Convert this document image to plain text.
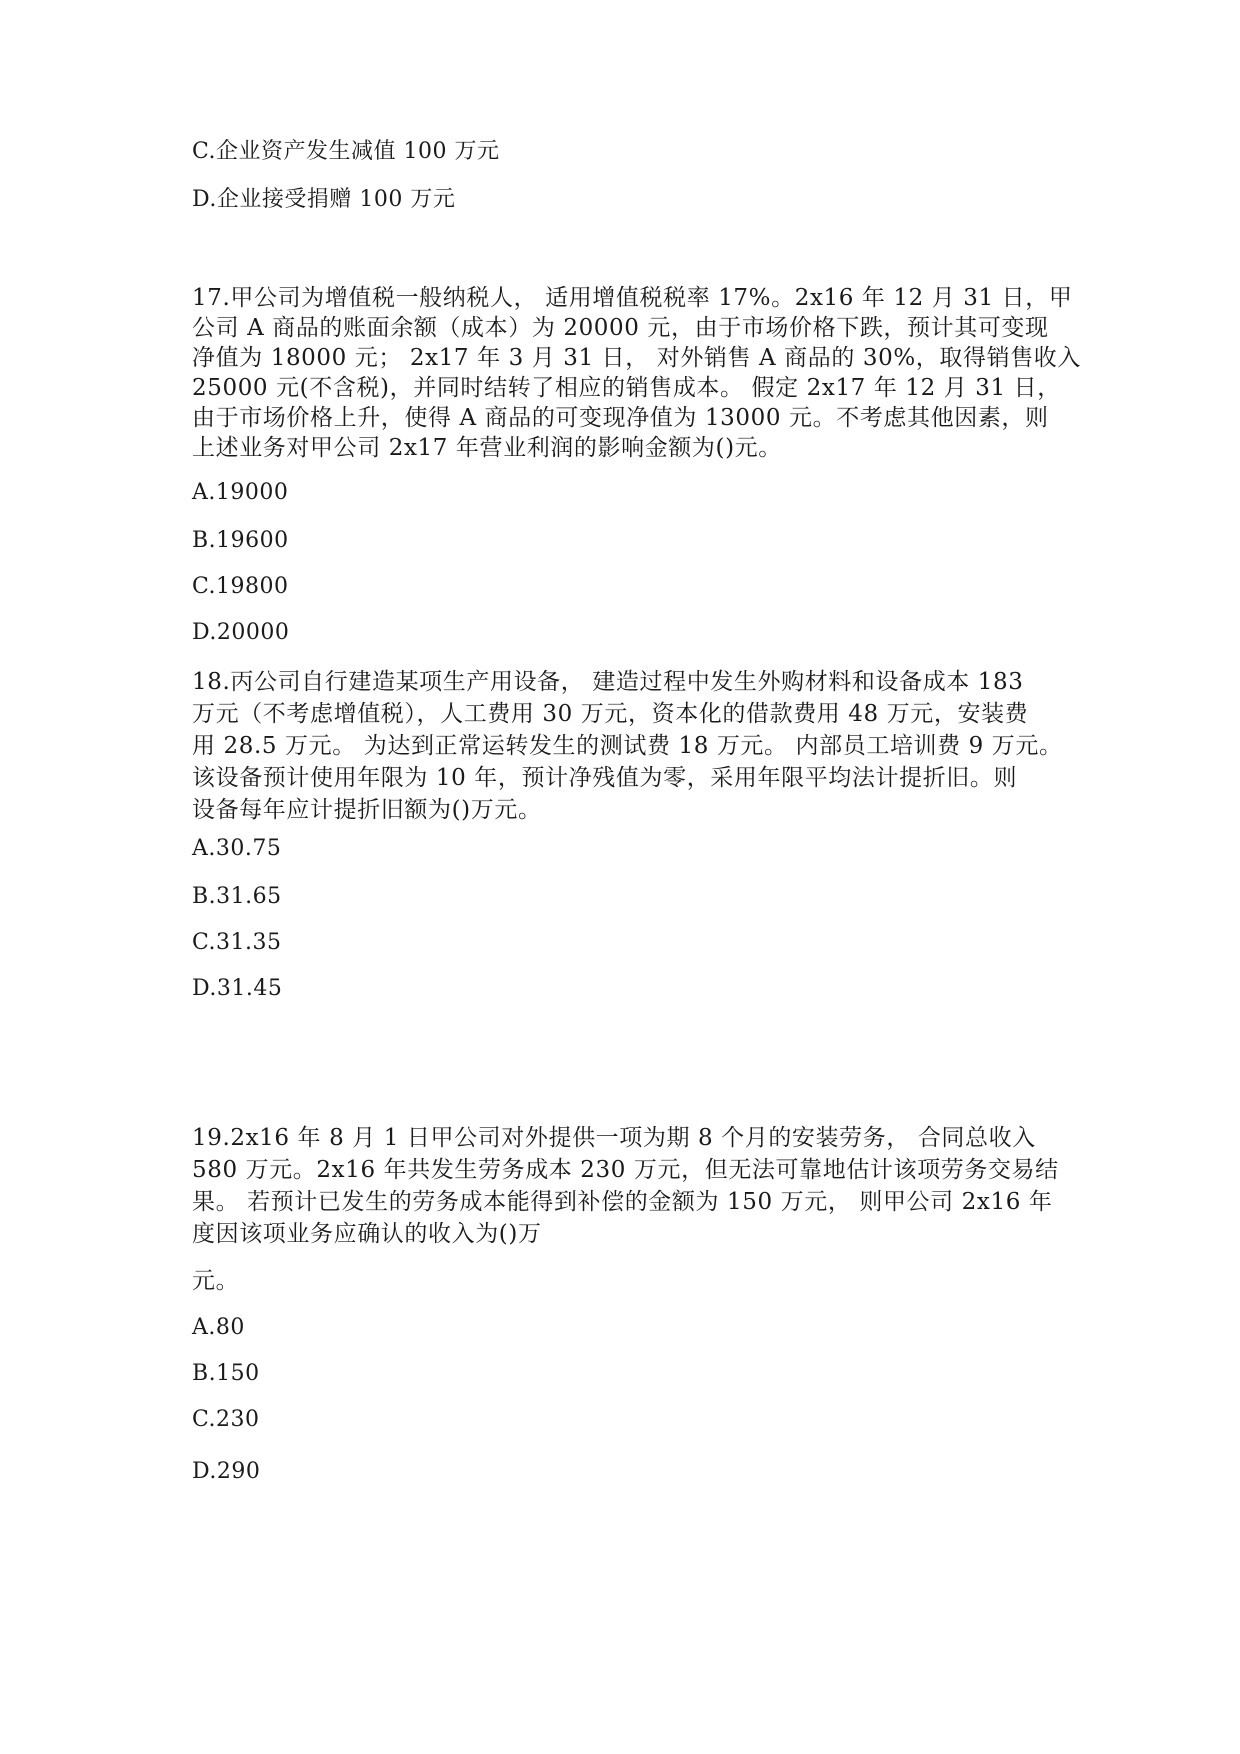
C.企业资产发生减值 100 万元
D.企业接受捐赠 100 万元
17.甲公司为增值税一般纳税人， 适用增值税税率 17%。2x16 年 12 月 31 日，甲
公司 A 商品的账面余额（成本）为 20000 元，由于市场价格下跌，预计其可变现
净值为 18000 元； 2x17 年 3 月 31 日， 对外销售 A 商品的 30%，取得销售收入
25000 元(不含税)，并同时结转了相应的销售成本。 假定 2x17 年 12 月 31 日，
由于市场价格上升，使得 A 商品的可变现净值为 13000 元。不考虑其他因素，则
上述业务对甲公司 2x17 年营业利润的影响金额为()元。
A.19000
B.19600
C.19800
D.20000
18.丙公司自行建造某项生产用设备， 建造过程中发生外购材料和设备成本 183
万元（不考虑增值税），人工费用 30 万元，资本化的借款费用 48 万元，安装费
用 28.5 万元。 为达到正常运转发生的测试费 18 万元。 内部员工培训费 9 万元。
该设备预计使用年限为 10 年，预计净残值为零，采用年限平均法计提折旧。则
设备每年应计提折旧额为()万元。
A.30.75
B.31.65
C.31.35
D.31.45
19.2x16 年 8 月 1 日甲公司对外提供一项为期 8 个月的安装劳务， 合同总收入
580 万元。2x16 年共发生劳务成本 230 万元，但无法可靠地估计该项劳务交易结
果。 若预计已发生的劳务成本能得到补偿的金额为 150 万元， 则甲公司 2x16 年
度因该项业务应确认的收入为()万
元。
A.80
B.150
C.230
D.290
